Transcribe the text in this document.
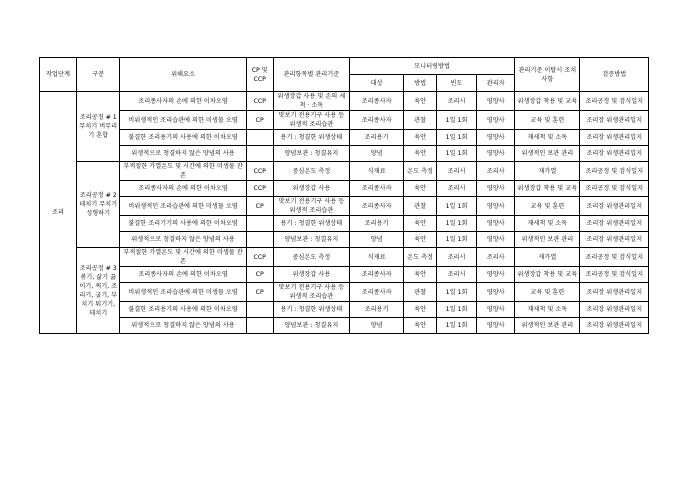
작업단계	구분	위해요소	CP 및 CCP	관리항목별 관리기준	모니터링방법				관리기준 이탈시 조치사항	검증방법
					대상	방법	빈도	관리자		
조리	조리공정 # 1 무치기 버무리기 혼합	조리종사자의 손에 의한 이차오염	CCP	위생장갑 사용 및 손의 세척 · 소독	조리종사자	육안	조리시	영양사	위생장갑 착용 및 교육	조리공정 및 검식일지
		비위생적인 조리습관에 의한 미생물 오염	CP	맛보기 전용기구 사용 등 위생적 조리습관	조리종사자	관찰	1일 1회	영양사	교육 및 훈련	조리장 위생관리일지
		불결한 조리용기의 사용에 의한 이차오염		용기 : 청결한 위생상태	조리용기	육안	1일 1회	영양사	재세척 및 소독	조리장 위생관리일지
		위생적으로 청결하지 않은 양념의 사용		양념보관 : 청결유지	양념	육안	1일 1회	영양사	위생적인 보관 관리	조리장 위생관리일지
	조리공정 # 2 데치기 무치기 성형하기	부적절한 가열온도 및 시간에 의한 미생물 잔존	CCP	중심온도 측정	식재료	온도 측정	조리시	조리사	재가열	조리공정 및 검식일지
		조리종사자의 손에 의한 이차오염	CCP	위생장갑 사용	조리종사자	육안	조리시	영양사	위생장갑 착용 및 교육	조리공정 및 검식일지
		비위생적인 조리습관에 의한 미생물 오염	CP	맛보기 전용기구 사용 등 위생적 조리습관	조리종사자	관찰	1일 1회	영양사	교육 및 훈련	조리장 위생관리일지
		불결한 조리기기의 사용에 의한 이차오염		용기 : 청결한 위생상태	조리용기	육안	1일 1회	영양사	재세척 및 소독	조리장 위생관리일지
		위생적으로 청결하지 않은 양념의 사용		양념보관 : 청결유지	양념	육안	1일 1회	영양사	위생적인 보관 관리	조리장 위생관리일지
	조리공정 # 3 볶기, 삶기 끓이기, 찌기, 조리기, 굽기, 부치기 튀기기, 데치기	부적절한 가열온도 및 시간에 의한 미생물 잔존	CCP	중심온도 측정	식재료	온도 측정	조리시	조리사	재가열	조리공정 및 검식일지
		조리종사자의 손에 의한 이차오염	CP	위생장갑 사용	조리종사자	육안	조리시	영양사	위생장갑 착용 및 교육	조리공정 및 검식일지
		비위생적인 조리습관에 의한 미생물 오염	CP	맛보기 전용기구 사용 등 위생적 조리습관	조리종사자	관찰	1일 1회	영양사	교육 및 훈련	조리장 위생관리일지
		불결한 조리용기의 사용에 의한 이차오염		용기 : 청결한 위생상태	조리용기	육안	1일 1회	영양사	재세척 및 소독	조리장 위생관리일지
		위생적으로 청결하지 않은 양념의 사용		양념보관 : 청결유지	양념	육안	1일 1회	영양사	위생적인 보관 관리	조리장 위생관리일지
